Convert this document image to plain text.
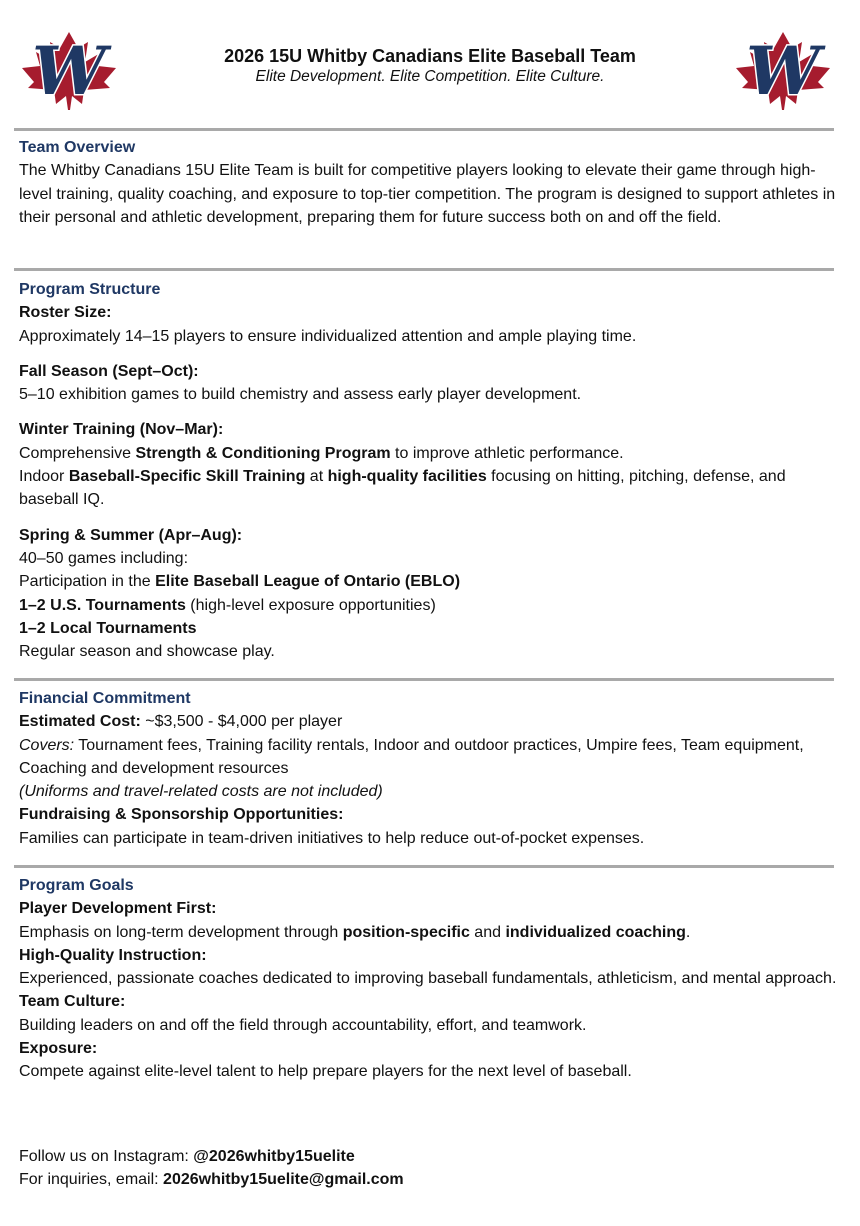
W	2026 15U Whitby Canadians Elite Baseball Team
Elite Development. Elite Competition. Elite Culture.	W
Team Overview
The Whitby Canadians 15U Elite Team is built for competitive players looking to elevate their game through high-level training, quality coaching, and exposure to top-tier competition. The program is designed to support athletes in their personal and athletic development, preparing them for future success both on and off the field.
Program Structure
Roster Size:
Approximately 14–15 players to ensure individualized attention and ample playing time.
Fall Season (Sept–Oct):
5–10 exhibition games to build chemistry and assess early player development.
Winter Training (Nov–Mar):
Comprehensive Strength & Conditioning Program to improve athletic performance.
Indoor Baseball-Specific Skill Training at high-quality facilities focusing on hitting, pitching, defense, and baseball IQ.
Spring & Summer (Apr–Aug):
40–50 games including:
Participation in the Elite Baseball League of Ontario (EBLO)
1–2 U.S. Tournaments (high-level exposure opportunities)
1–2 Local Tournaments
Regular season and showcase play.
Financial Commitment
Estimated Cost: ~$3,500 - $4,000 per player
Covers: Tournament fees, Training facility rentals, Indoor and outdoor practices, Umpire fees, Team equipment, Coaching and development resources
(Uniforms and travel-related costs are not included)
Fundraising & Sponsorship Opportunities:
Families can participate in team-driven initiatives to help reduce out-of-pocket expenses.
Program Goals
Player Development First:
Emphasis on long-term development through position-specific and individualized coaching.
High-Quality Instruction:
Experienced, passionate coaches dedicated to improving baseball fundamentals, athleticism, and mental approach.
Team Culture:
Building leaders on and off the field through accountability, effort, and teamwork.
Exposure:
Compete against elite-level talent to help prepare players for the next level of baseball.
Follow us on Instagram: @2026whitby15uelite
For inquiries, email: 2026whitby15uelite@gmail.com
